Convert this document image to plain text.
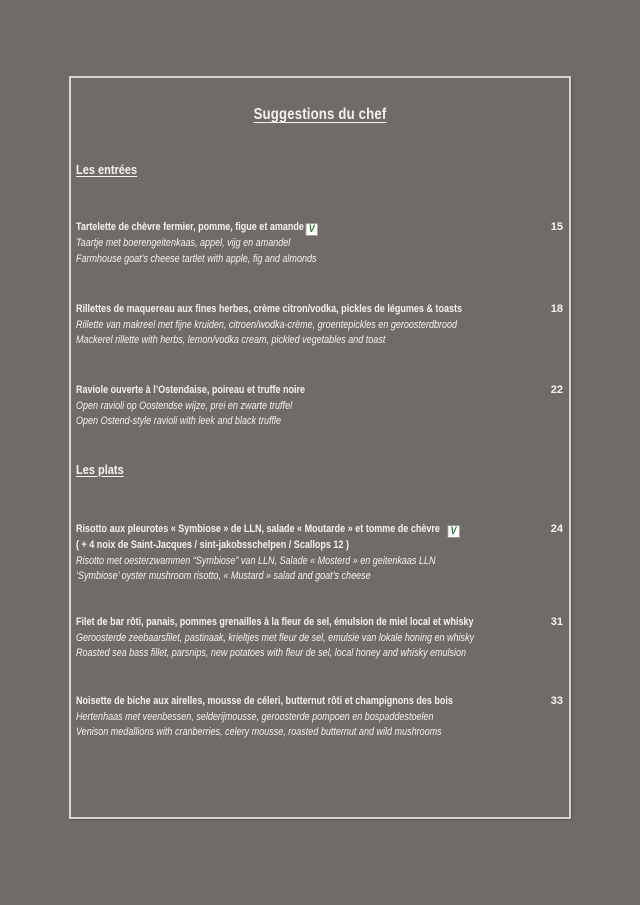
Suggestions du chef
Les entrées
Tartelette de chèvre fermier, pomme, figue et amande V
Taartje met boerengeitenkaas, appel, vijg en amandel
Farmhouse goat’s cheese tartlet with apple, fig and almonds
15
Rillettes de maquereau aux fines herbes, crème citron/vodka, pickles de légumes & toasts
Rillette van makreel met fijne kruiden, citroen/wodka-crème, groentepickles en geroosterdbrood
Mackerel rillette with herbs, lemon/vodka cream, pickled vegetables and toast
18
Raviole ouverte à l’Ostendaise, poireau et truffe noire
Open ravioli op Oostendse wijze, prei en zwarte truffel
Open Ostend-style ravioli with leek and black truffle
22
Les plats
Risotto aux pleurotes « Symbiose » de LLN, salade « Moutarde » et tomme de chèvre V
( + 4 noix de Saint-Jacques / sint-jakobsschelpen / Scallops 12 )
Risotto met oesterzwammen “Symbiose” van LLN, Salade « Mosterd » en geitenkaas LLN
‘Symbiose’ oyster mushroom risotto, « Mustard » salad and goat’s cheese
24
Filet de bar rôti, panais, pommes grenailles à la fleur de sel, émulsion de miel local et whisky
Geroosterde zeebaarsfilet, pastinaak, krieltjes met fleur de sel, emulsie van lokale honing en whisky
Roasted sea bass fillet, parsnips, new potatoes with fleur de sel, local honey and whisky emulsion
31
Noisette de biche aux airelles, mousse de céleri, butternut rôti et champignons des bois
Hertenhaas met veenbessen, selderijmousse, geroosterde pompoen en bospaddestoelen
Venison medallions with cranberries, celery mousse, roasted butternut and wild mushrooms
33
